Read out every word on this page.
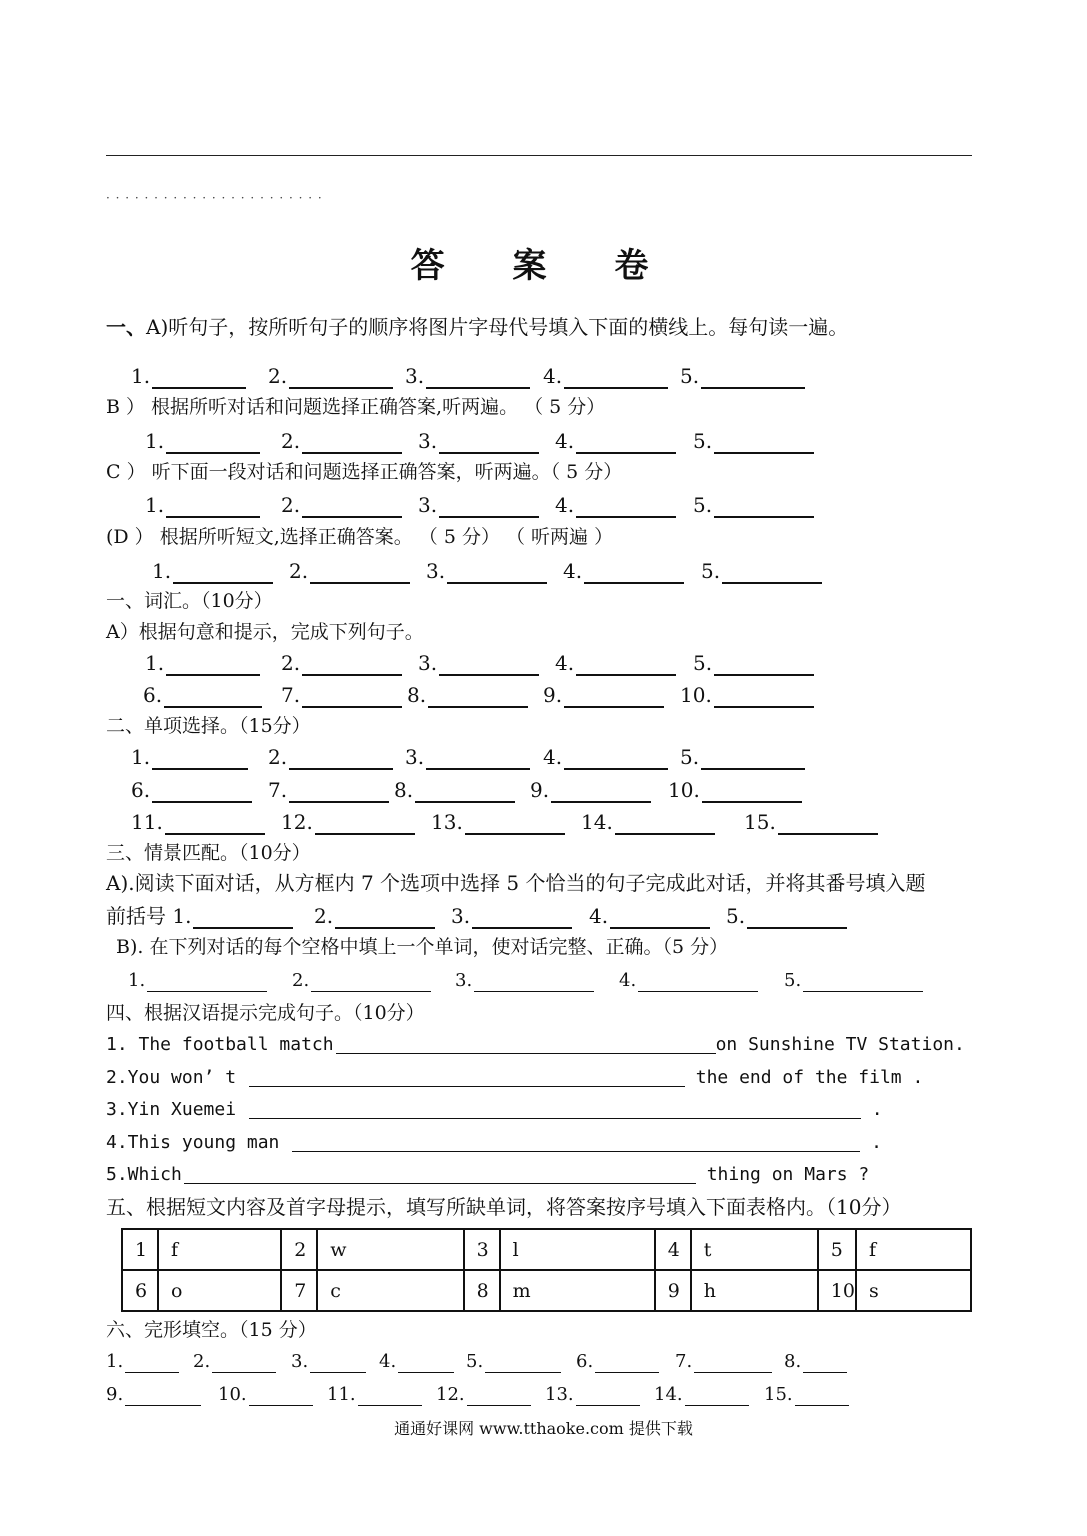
· · · · · · · · · · · · · · · · · · · · · · ·
答 案 卷
一、A)听句子，按所听句子的顺序将图片字母代号填入下面的横线上。每句读一遍。
1.	2.	3.	4.	5.
B ） 根据所听对话和问题选择正确答案,听两遍。 （ 5 分）
1.	2.	3.	4.	5.
C ） 听下面一段对话和问题选择正确答案，听两遍。（ 5 分）
1.	2.	3.	4.	5.
(D ） 根据所听短文,选择正确答案。 （ 5 分） （ 听两遍 ）
1.	2.	3.	4.	5.
一、词汇。（10分）
A）根据句意和提示，完成下列句子。
1.	2.	3.	4.	5.
6.	7.	8.	9.	10.
二、单项选择。（15分）
1.	2.	3.	4.	5.
6.	7.	8.	9.	10.
11.	12.	13.	14.	15.
三、情景匹配。（10分）
A).阅读下面对话，从方框内 7 个选项中选择 5 个恰当的句子完成此对话，并将其番号填入题
前括号 1.	2.	3.	4.	5.
B). 在下列对话的每个空格中填上一个单词，使对话完整、正确。（5 分）
1.	2.	3.	4.	5.
四、根据汉语提示完成句子。（10分）
1. The football match	on Sunshine TV Station.
2.You won’ t	the end of the film .
3.Yin Xuemei	.
4.This young man	.
5.Which	thing on Mars ?
五、根据短文内容及首字母提示，填写所缺单词，将答案按序号填入下面表格内。（10分）
1	f	2	w	3	l	4	t	5	f
6	o	7	c	8	m	9	h	10	s
六、完形填空。（15 分）
1.	2.	3.	4.	5.	6.	7.	8.
9.	10.	11.	12.	13.	14.	15.
通通好课网 www.tthaoke.com 提供下载
